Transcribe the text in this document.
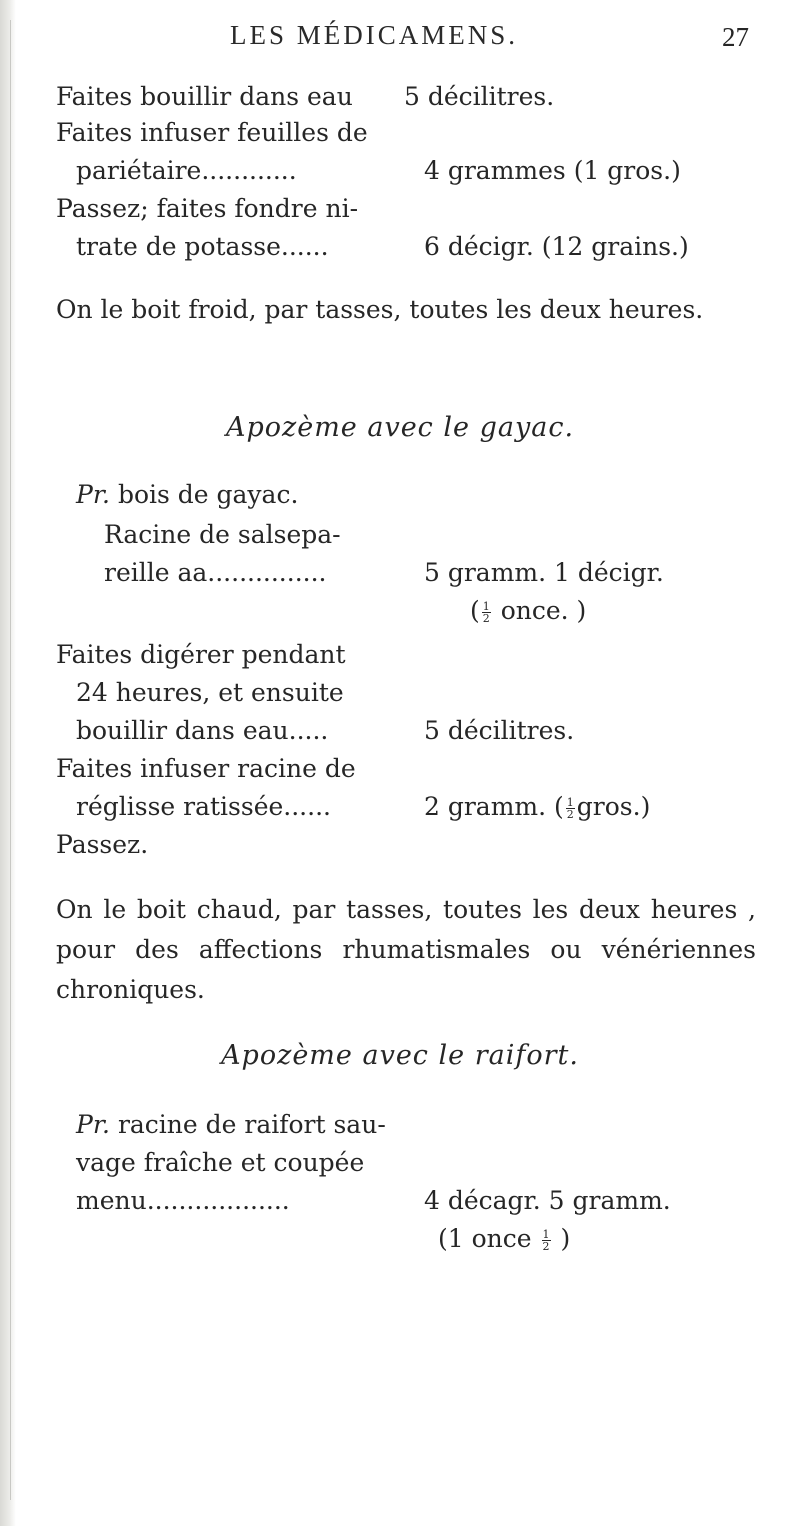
LES MÉDICAMENS.	27
Faites bouillir dans eau 5 décilitres.
Faites infuser feuilles de
pariétaire............	4 grammes (1 gros.)
Passez; faites fondre ni-
trate de potasse......	6 décigr. (12 grains.)
On le boit froid, par tasses, toutes les deux heures.
Apozème avec le gayac.
Pr. bois de gayac.
Racine de salsepa-
reille aa...............	5 gramm. 1 décigr.
( $\frac{1}{2}$ once. )
Faites digérer pendant
24 heures, et ensuite
bouillir dans eau.....	5 décilitres.
Faites infuser racine de
réglisse ratissée......	2 gramm. ( $\frac{1}{2}$ gros.)
Passez.
On le boit chaud, par tasses, toutes les deux heures , pour des affections rhumatismales ou vénériennes chroniques.
Apozème avec le raifort.
Pr. racine de raifort sau-
vage fraîche et coupée
menu..................	4 décagr. 5 gramm.
(1 once $\frac{1}{2}$ )
